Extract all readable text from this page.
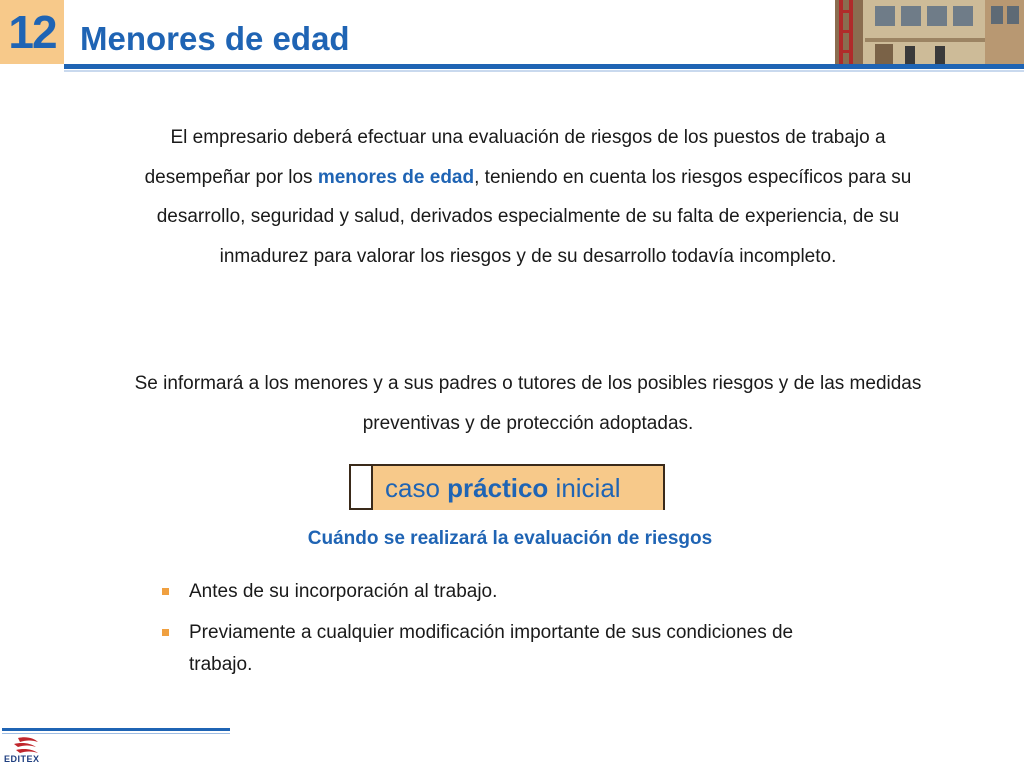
12 Menores de edad

El empresario deberá efectuar una evaluación de riesgos de los puestos de trabajo a desempeñar por los menores de edad, teniendo en cuenta los riesgos específicos para su desarrollo, seguridad y salud, derivados especialmente de su falta de experiencia, de su inmadurez para valorar los riesgos y de su desarrollo todavía incompleto.

Se informará a los menores y a sus padres o tutores de los posibles riesgos y de las medidas preventivas y de protección adoptadas.

caso práctico inicial
Cuándo se realizará la evaluación de riesgos
Antes de su incorporación al trabajo.
Previamente a cualquier modificación importante de sus condiciones de trabajo.
EDITEX
